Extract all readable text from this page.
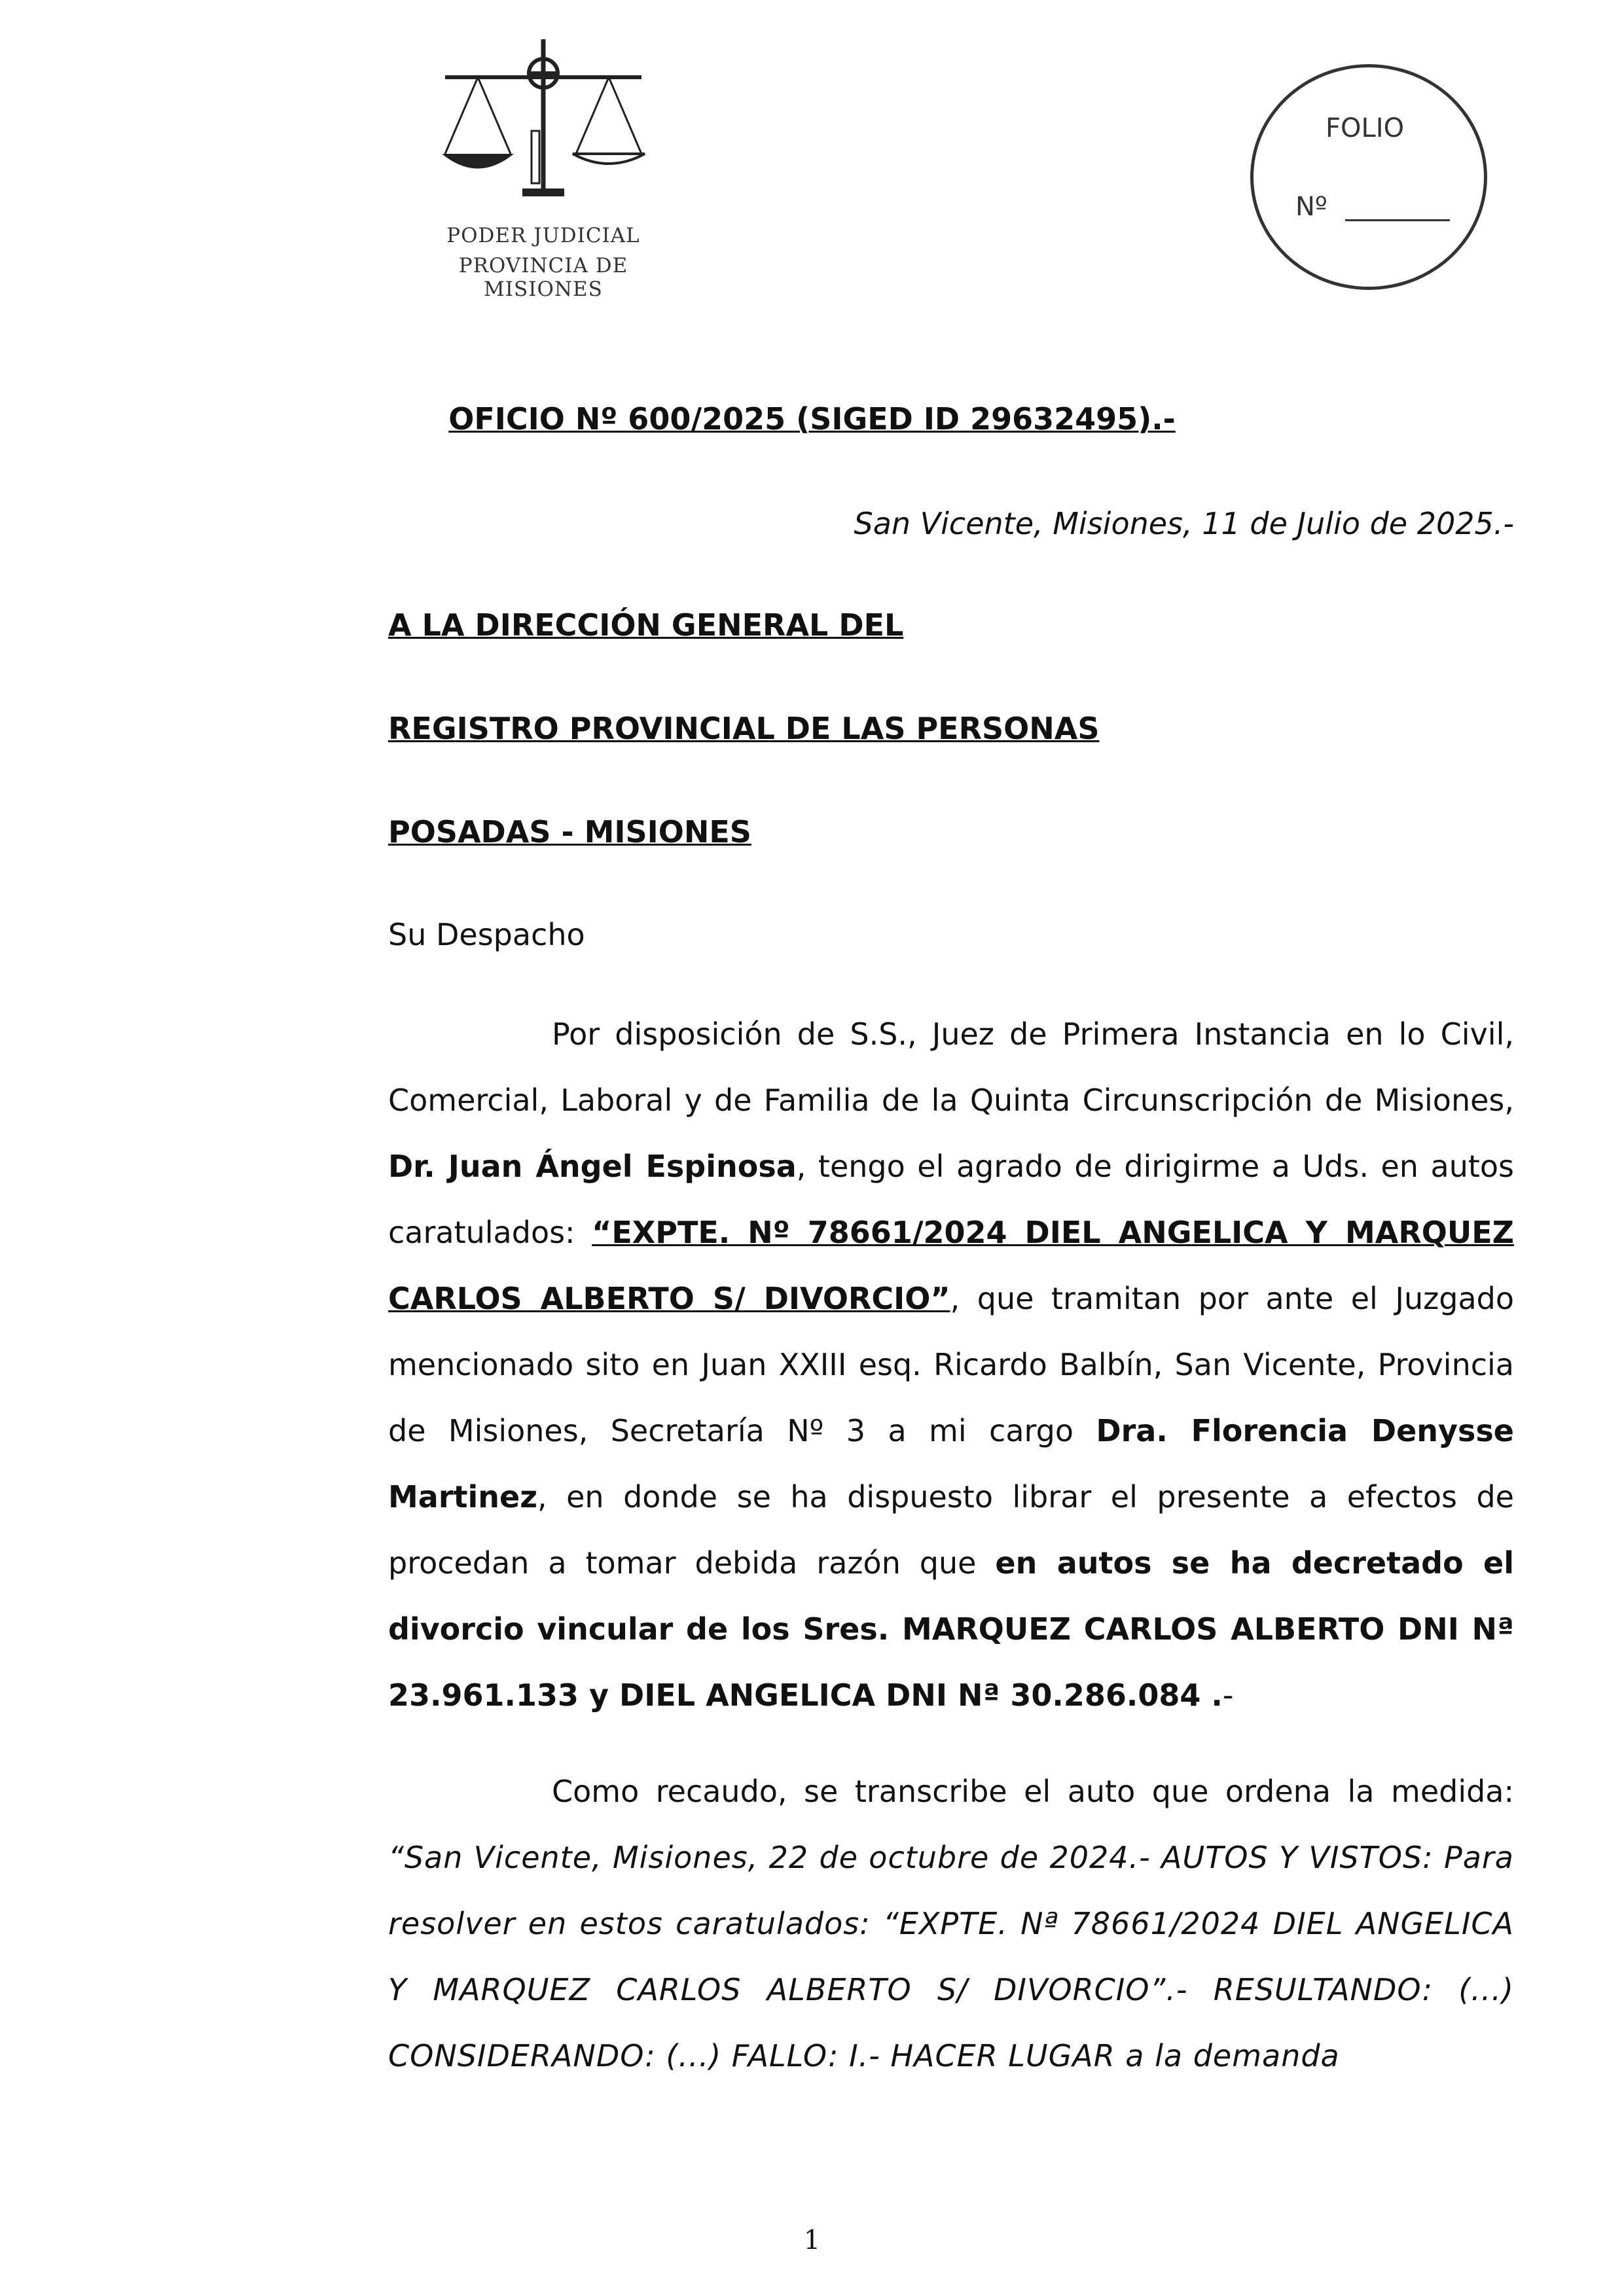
PODER JUDICIAL
PROVINCIA DE MISIONES
FOLIO
Nº
OFICIO Nº 600/2025 (SIGED ID 29632495).-
San Vicente, Misiones, 11 de Julio de 2025.-
A LA DIRECCIÓN GENERAL DEL
REGISTRO PROVINCIAL DE LAS PERSONAS
POSADAS - MISIONES
Su Despacho

Por disposición de S.S., Juez de Primera Instancia en lo Civil, Comercial, Laboral y de Familia de la Quinta Circunscripción de Misiones, Dr. Juan Ángel Espinosa, tengo el agrado de dirigirme a Uds. en autos caratulados: “EXPTE. Nº 78661/2024 DIEL ANGELICA Y MARQUEZ CARLOS ALBERTO S/ DIVORCIO”, que tramitan por ante el Juzgado mencionado sito en Juan XXIII esq. Ricardo Balbín, San Vicente, Provincia de Misiones, Secretaría Nº 3 a mi cargo Dra. Florencia Denysse Martinez, en donde se ha dispuesto librar el presente a efectos de procedan a tomar debida razón que en autos se ha decretado el divorcio vincular de los Sres. MARQUEZ CARLOS ALBERTO DNI Nª 23.961.133 y DIEL ANGELICA DNI Nª 30.286.084 .-

Como recaudo, se transcribe el auto que ordena la medida: “San Vicente, Misiones, 22 de octubre de 2024.- AUTOS Y VISTOS: Para resolver en estos caratulados: “EXPTE. Nª 78661/2024 DIEL ANGELICA Y MARQUEZ CARLOS ALBERTO S/ DIVORCIO”.- RESULTANDO: (...) CONSIDERANDO: (...) FALLO: I.- HACER LUGAR a la demanda

1
